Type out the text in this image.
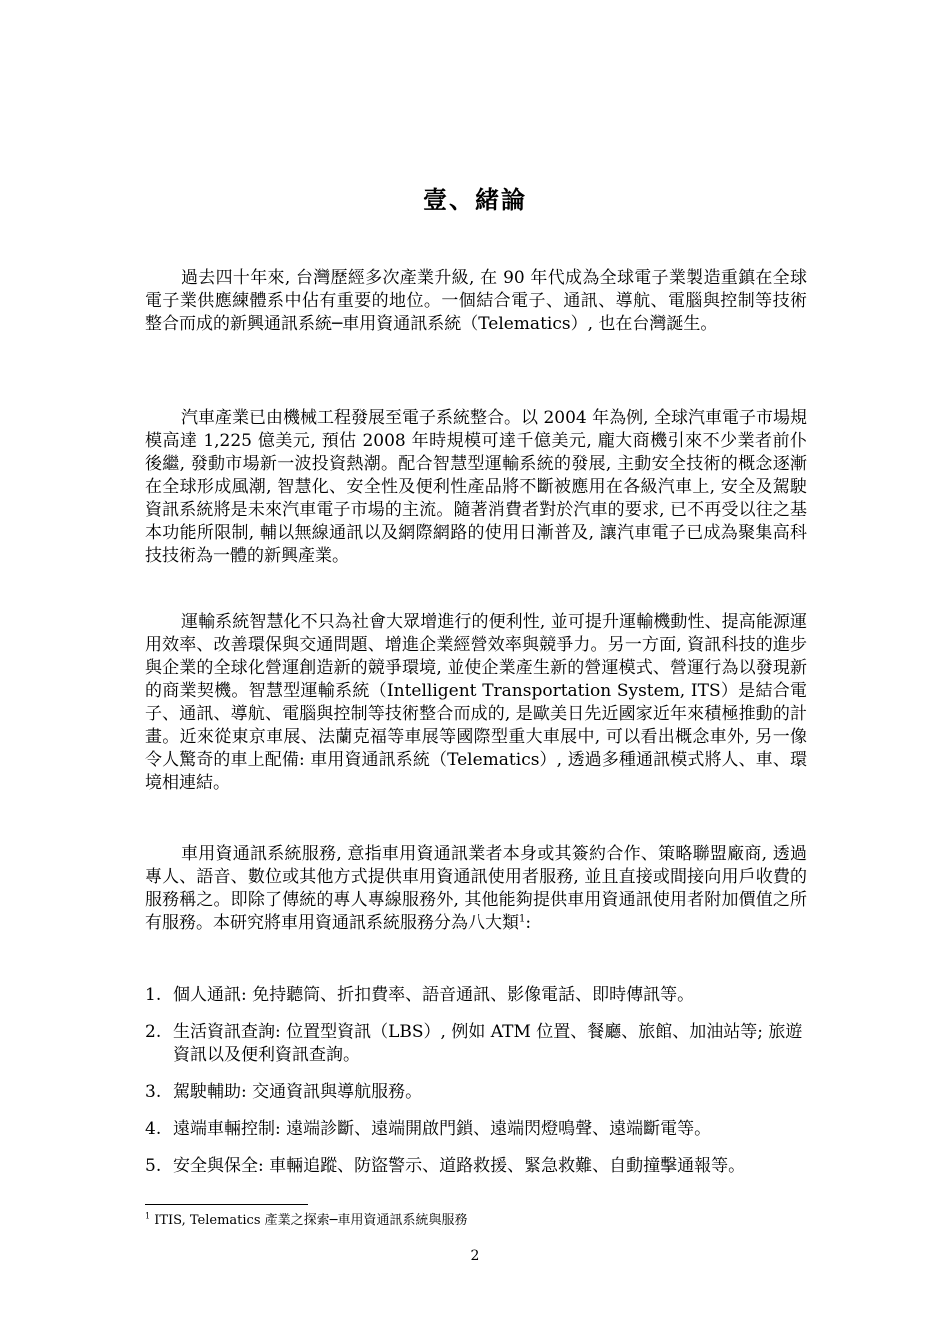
壹、緒論

過去四十年來, 台灣歷經多次產業升級, 在 90 年代成為全球電子業製造重鎮在全球電子業供應練體系中佔有重要的地位。一個結合電子、通訊、導航、電腦與控制等技術整合而成的新興通訊系統─車用資通訊系統（Telematics）, 也在台灣誕生。

汽車產業已由機械工程發展至電子系統整合。以 2004 年為例, 全球汽車電子市場規模高達 1,225 億美元, 預估 2008 年時規模可達千億美元, 龐大商機引來不少業者前仆後繼, 發動市場新一波投資熱潮。配合智慧型運輸系統的發展, 主動安全技術的概念逐漸在全球形成風潮, 智慧化、安全性及便利性產品將不斷被應用在各級汽車上, 安全及駕駛資訊系統將是未來汽車電子市場的主流。隨著消費者對於汽車的要求, 已不再受以往之基本功能所限制, 輔以無線通訊以及網際網路的使用日漸普及, 讓汽車電子已成為聚集高科技技術為一體的新興產業。

運輸系統智慧化不只為社會大眾增進行的便利性, 並可提升運輸機動性、提高能源運用效率、改善環保與交通問題、增進企業經營效率與競爭力。另一方面, 資訊科技的進步與企業的全球化營運創造新的競爭環境, 並使企業產生新的營運模式、營運行為以發現新的商業契機。智慧型運輸系統（Intelligent Transportation System, ITS）是結合電子、通訊、導航、電腦與控制等技術整合而成的, 是歐美日先近國家近年來積極推動的計畫。近來從東京車展、法蘭克福等車展等國際型重大車展中, 可以看出概念車外, 另一像令人驚奇的車上配備: 車用資通訊系統（Telematics）, 透過多種通訊模式將人、車、環境相連結。

車用資通訊系統服務, 意指車用資通訊業者本身或其簽約合作、策略聯盟廠商, 透過專人、語音、數位或其他方式提供車用資通訊使用者服務, 並且直接或間接向用戶收費的服務稱之。即除了傳統的專人專線服務外, 其他能夠提供車用資通訊使用者附加價值之所有服務。本研究將車用資通訊系統服務分為八大類$^1$:

1. 個人通訊: 免持聽筒、折扣費率、語音通訊、影像電話、即時傳訊等。
2. 生活資訊查詢: 位置型資訊（LBS）, 例如 ATM 位置、餐廳、旅館、加油站等; 旅遊資訊以及便利資訊查詢。
3. 駕駛輔助: 交通資訊與導航服務。
4. 遠端車輛控制: 遠端診斷、遠端開啟門鎖、遠端閃燈鳴聲、遠端斷電等。
5. 安全與保全: 車輛追蹤、防盜警示、道路救援、緊急救難、自動撞擊通報等。
$^1$ ITIS, Telematics 產業之探索─車用資通訊系統與服務
2
